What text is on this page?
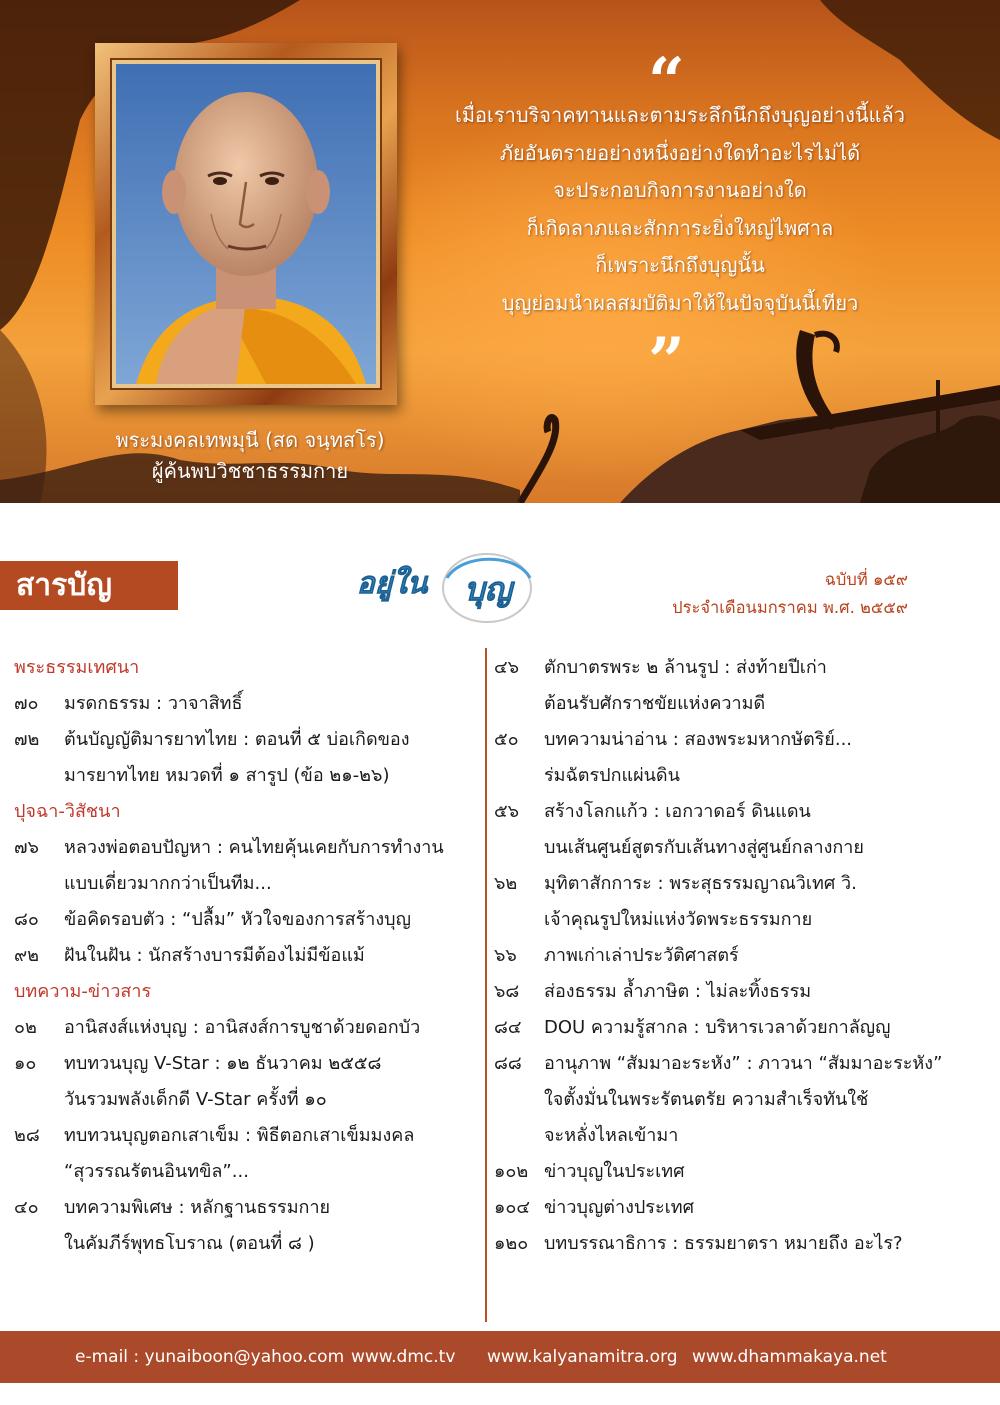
พระมงคลเทพมุนี (สด จนฺทสโร)
ผู้ค้นพบวิชชาธรรมกาย
“
เมื่อเราบริจาคทานและตามระลึกนึกถึงบุญอย่างนี้แล้ว
ภัยอันตรายอย่างหนึ่งอย่างใดทำอะไรไม่ได้
จะประกอบกิจการงานอย่างใด
ก็เกิดลาภและสักการะยิ่งใหญ่ไพศาล
ก็เพราะนึกถึงบุญนั้น
บุญย่อมนำผลสมบัติมาให้ในปัจจุบันนี้เทียว
”
สารบัญ	อยู่ใน บุญ	ฉบับที่ ๑๕๙
ประจำเดือนมกราคม พ.ศ. ๒๕๕๙
พระธรรมเทศนา
๗๐	มรดกธรรม : วาจาสิทธิ์
๗๒	ต้นบัญญัติมารยาทไทย : ตอนที่ ๕ บ่อเกิดของ
มารยาทไทย หมวดที่ ๑ สารูป (ข้อ ๒๑-๒๖)
ปุจฉา-วิสัชนา
๗๖	หลวงพ่อตอบปัญหา : คนไทยคุ้นเคยกับการทำงาน
แบบเดี่ยวมากกว่าเป็นทีม...
๘๐	ข้อคิดรอบตัว : “ปลื้ม” หัวใจของการสร้างบุญ
๙๒	ฝันในฝัน : นักสร้างบารมีต้องไม่มีข้อแม้
บทความ-ข่าวสาร
๐๒	อานิสงส์แห่งบุญ : อานิสงส์การบูชาด้วยดอกบัว
๑๐	ทบทวนบุญ V-Star : ๑๒ ธันวาคม ๒๕๕๘
วันรวมพลังเด็กดี V-Star ครั้งที่ ๑๐
๒๘	ทบทวนบุญตอกเสาเข็ม : พิธีตอกเสาเข็มมงคล
“สุวรรณรัตนอินทขิล”...
๔๐	บทความพิเศษ : หลักฐานธรรมกาย
ในคัมภีร์พุทธโบราณ (ตอนที่ ๘ )
๔๖	ตักบาตรพระ ๒ ล้านรูป : ส่งท้ายปีเก่า
ต้อนรับศักราชขัยแห่งความดี
๕๐	บทความน่าอ่าน : สองพระมหากษัตริย์...
ร่มฉัตรปกแผ่นดิน
๕๖	สร้างโลกแก้ว : เอกวาดอร์ ดินแดน
บนเส้นศูนย์สูตรกับเส้นทางสู่ศูนย์กลางกาย
๖๒	มุทิตาสักการะ : พระสุธรรมญาณวิเทศ วิ.
เจ้าคุณรูปใหม่แห่งวัดพระธรรมกาย
๖๖	ภาพเก่าเล่าประวัติศาสตร์
๖๘	ส่องธรรม ล้ำภาษิต : ไม่ละทิ้งธรรม
๘๔	DOU ความรู้สากล : บริหารเวลาด้วยกาลัญญู
๘๘	อานุภาพ “สัมมาอะระหัง” : ภาวนา “สัมมาอะระหัง”
ใจตั้งมั่นในพระรัตนตรัย ความสำเร็จทันใช้
จะหลั่งไหลเข้ามา
๑๐๒ ข่าวบุญในประเทศ
๑๐๔ ข่าวบุญต่างประเทศ
๑๒๐ บทบรรณาธิการ : ธรรมยาตรา หมายถึง อะไร?
e-mail : yunaiboon@yahoo.com www.dmc.tv www.kalyanamitra.org www.dhammakaya.net
